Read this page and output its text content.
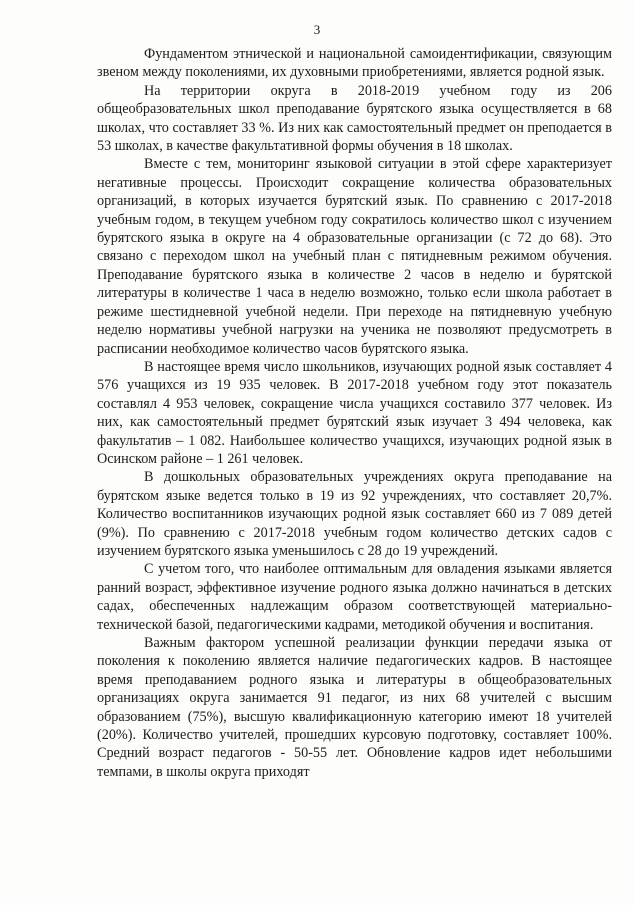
3

Фундаментом этнической и национальной самоидентификации, связующим звеном между поколениями, их духовными приобретениями, является родной язык.

На территории округа в 2018-2019 учебном году из 206 общеобразовательных школ преподавание бурятского языка осуществляется в 68 школах, что составляет 33 %. Из них как самостоятельный предмет он преподается в 53 школах, в качестве факультативной формы обучения в 18 школах.

Вместе с тем, мониторинг языковой ситуации в этой сфере характеризует негативные процессы. Происходит сокращение количества образовательных организаций, в которых изучается бурятский язык. По сравнению с 2017-2018 учебным годом, в текущем учебном году сократилось количество школ с изучением бурятского языка в округе на 4 образовательные организации (с 72 до 68). Это связано с переходом школ на учебный план с пятидневным режимом обучения. Преподавание бурятского языка в количестве 2 часов в неделю и бурятской литературы в количестве 1 часа в неделю возможно, только если школа работает в режиме шестидневной учебной недели. При переходе на пятидневную учебную неделю нормативы учебной нагрузки на ученика не позволяют предусмотреть в расписании необходимое количество часов бурятского языка.

В настоящее время число школьников, изучающих родной язык составляет 4 576 учащихся из 19 935 человек. В 2017-2018 учебном году этот показатель составлял 4 953 человек, сокращение числа учащихся составило 377 человек. Из них, как самостоятельный предмет бурятский язык изучает 3 494 человека, как факультатив – 1 082. Наибольшее количество учащихся, изучающих родной язык в Осинском районе – 1 261 человек.

В дошкольных образовательных учреждениях округа преподавание на бурятском языке ведется только в 19 из 92 учреждениях, что составляет 20,7%. Количество воспитанников изучающих родной язык составляет 660 из 7 089 детей (9%). По сравнению с 2017-2018 учебным годом количество детских садов с изучением бурятского языка уменьшилось с 28 до 19 учреждений.

С учетом того, что наиболее оптимальным для овладения языками является ранний возраст, эффективное изучение родного языка должно начинаться в детских садах, обеспеченных надлежащим образом соответствующей материально-технической базой, педагогическими кадрами, методикой обучения и воспитания.

Важным фактором успешной реализации функции передачи языка от поколения к поколению является наличие педагогических кадров. В настоящее время преподаванием родного языка и литературы в общеобразовательных организациях округа занимается 91 педагог, из них 68 учителей с высшим образованием (75%), высшую квалификационную категорию имеют 18 учителей (20%). Количество учителей, прошедших курсовую подготовку, составляет 100%. Средний возраст педагогов - 50-55 лет. Обновление кадров идет небольшими темпами, в школы округа приходят
